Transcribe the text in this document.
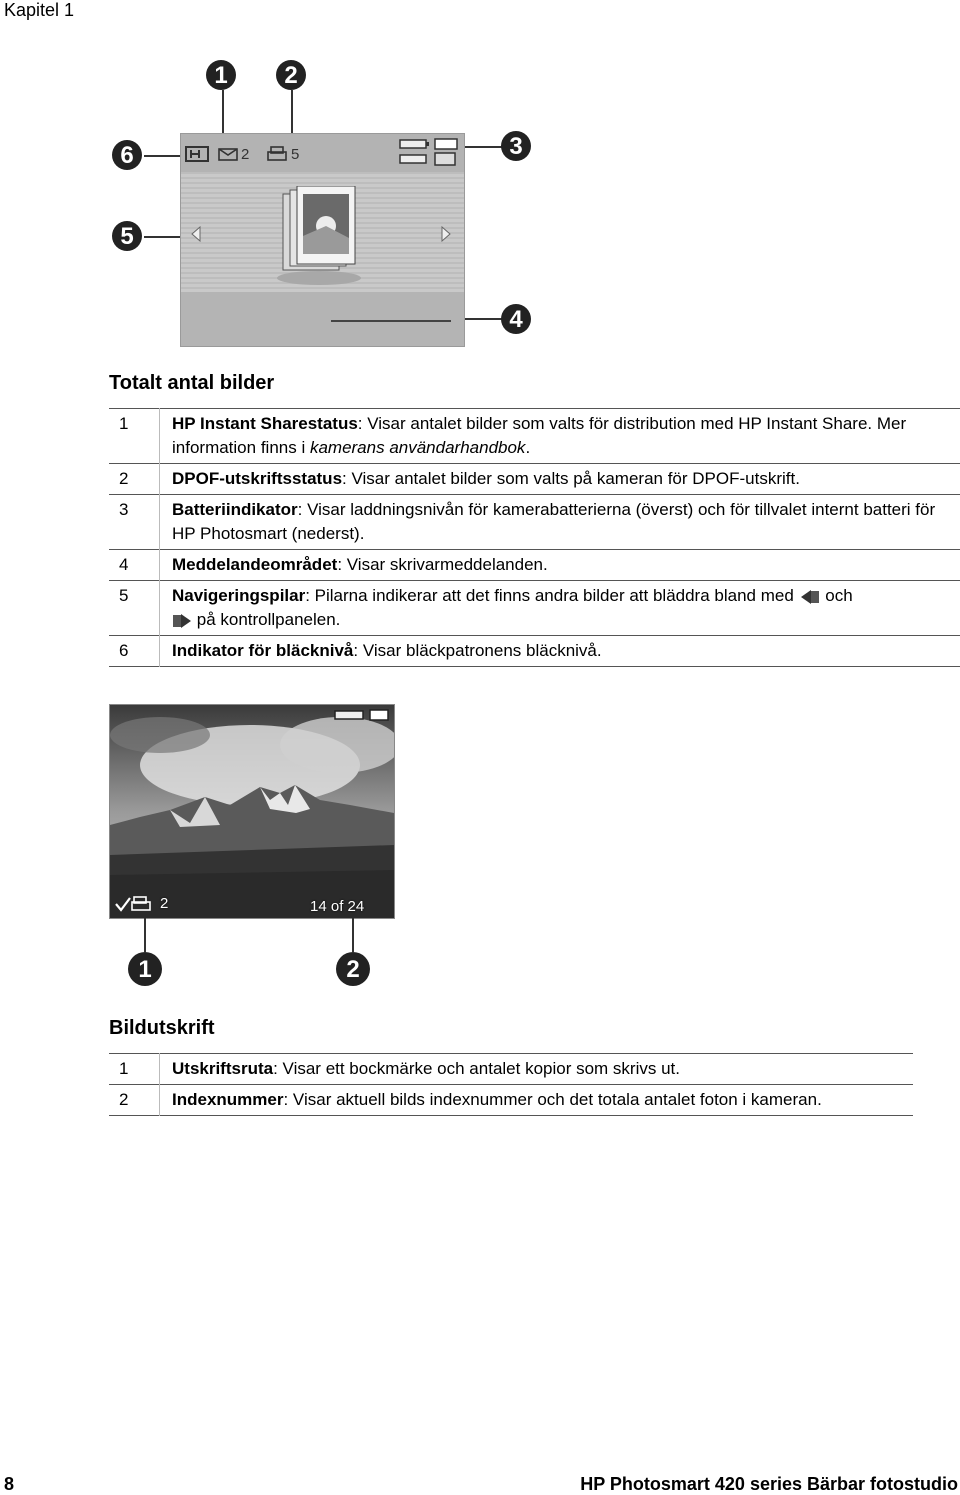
Kapitel 1
2	5
1	2
3
4
5
6
Totalt antal bilder
1	HP Instant Sharestatus: Visar antalet bilder som valts för distribution med HP Instant Share. Mer information finns i kamerans användarhandbok.
2	DPOF-utskriftsstatus: Visar antalet bilder som valts på kameran för DPOF-utskrift.
3	Batteriindikator: Visar laddningsnivån för kamerabatterierna (överst) och för tillvalet internt batteri för HP Photosmart (nederst).
4	Meddelandeområdet: Visar skrivarmeddelanden.
5	Navigeringspilar: Pilarna indikerar att det finns andra bilder att bläddra bland med och
på kontrollpanelen.
6	Indikator för bläcknivå: Visar bläckpatronens bläcknivå.
2	14 of 24
1	2
Bildutskrift
1	Utskriftsruta: Visar ett bockmärke och antalet kopior som skrivs ut.
2	Indexnummer: Visar aktuell bilds indexnummer och det totala antalet foton i kameran.
8	HP Photosmart 420 series Bärbar fotostudio
